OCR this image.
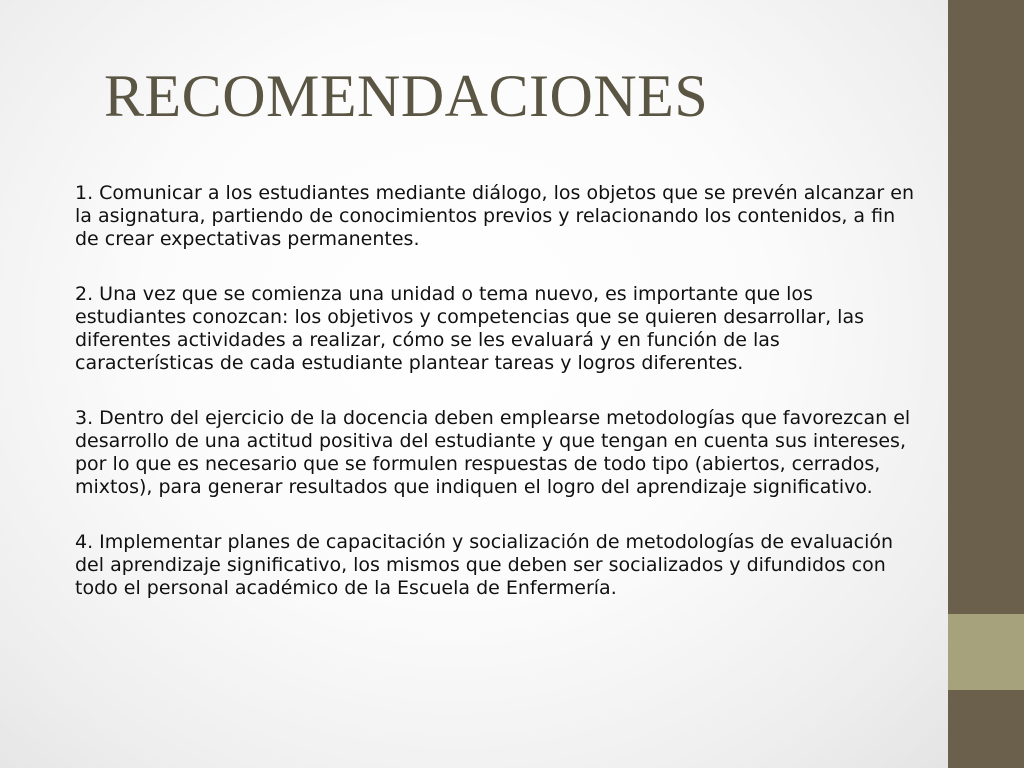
RECOMENDACIONES

1. Comunicar a los estudiantes mediante diálogo, los objetos que se prevén alcanzar en la asignatura, partiendo de conocimientos previos y relacionando los contenidos, a fin de crear expectativas permanentes.

2. Una vez que se comienza una unidad o tema nuevo, es importante que los estudiantes conozcan: los objetivos y competencias que se quieren desarrollar, las diferentes actividades a realizar, cómo se les evaluará y en función de las características de cada estudiante plantear tareas y logros diferentes.

3. Dentro del ejercicio de la docencia deben emplearse metodologías que favorezcan el desarrollo de una actitud positiva del estudiante y que tengan en cuenta sus intereses, por lo que es necesario que se formulen respuestas de todo tipo (abiertos, cerrados, mixtos), para generar resultados que indiquen el logro del aprendizaje significativo.

4. Implementar planes de capacitación y socialización de metodologías de evaluación del aprendizaje significativo, los mismos que deben ser socializados y difundidos con todo el personal académico de la Escuela de Enfermería.
